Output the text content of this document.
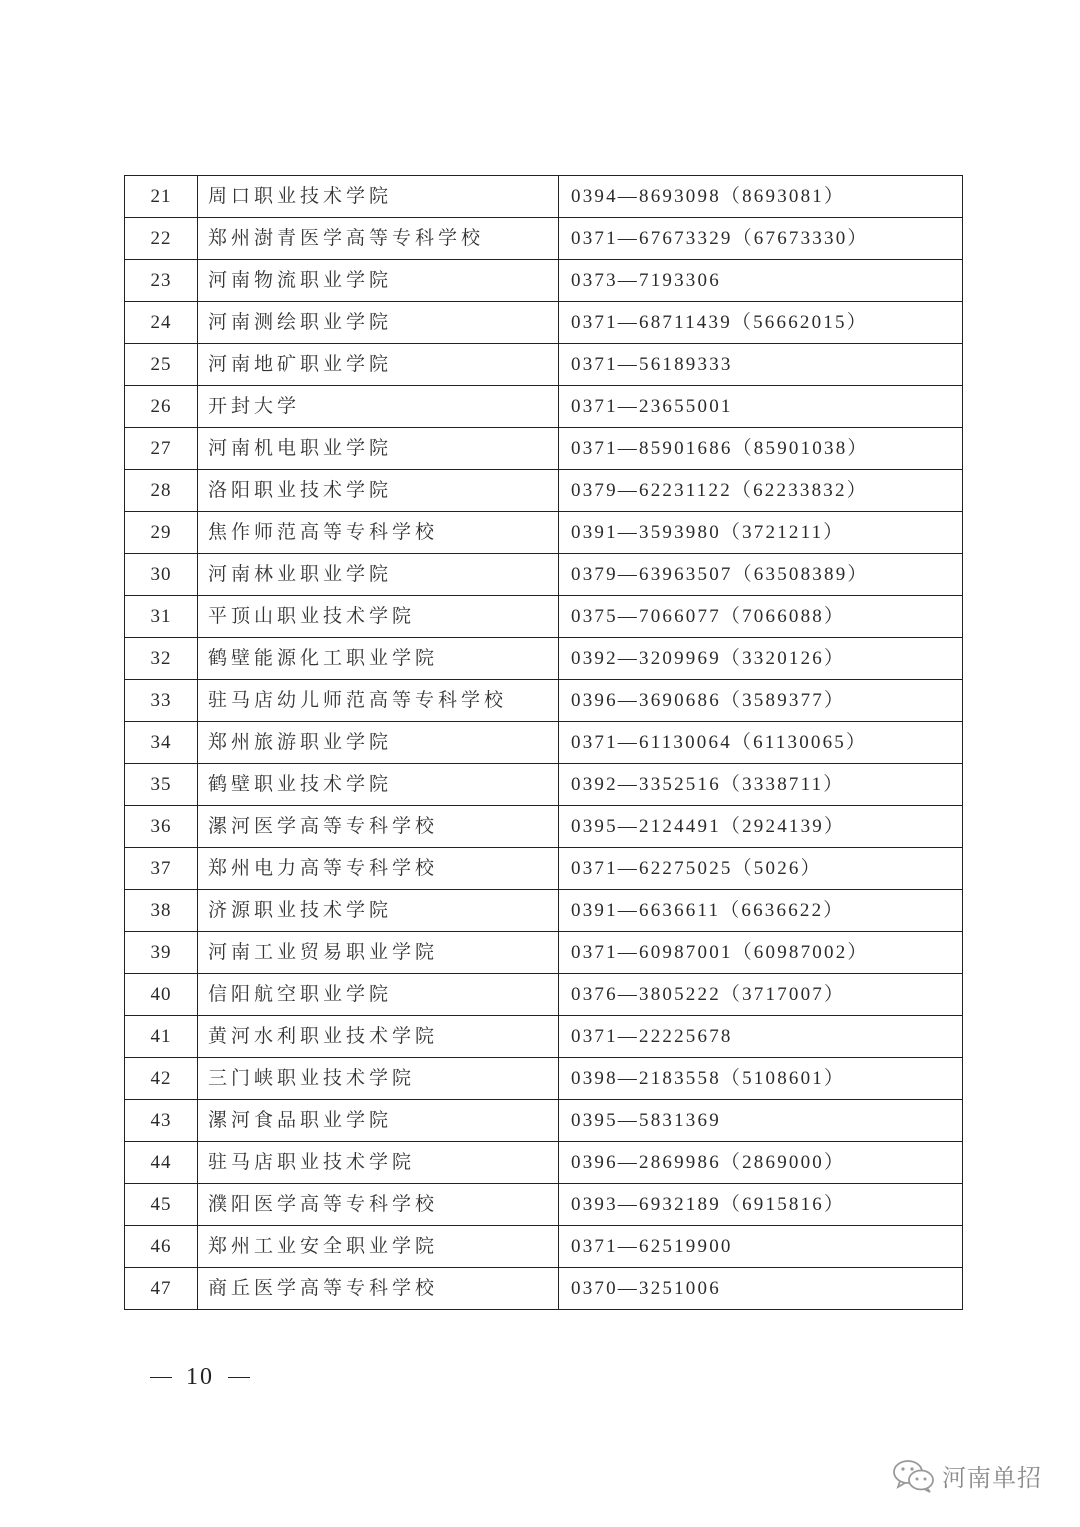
21	周口职业技术学院	0394—8693098（8693081）
22	郑州澍青医学高等专科学校	0371—67673329（67673330）
23	河南物流职业学院	0373—7193306
24	河南测绘职业学院	0371—68711439（56662015）
25	河南地矿职业学院	0371—56189333
26	开封大学	0371—23655001
27	河南机电职业学院	0371—85901686（85901038）
28	洛阳职业技术学院	0379—62231122（62233832）
29	焦作师范高等专科学校	0391—3593980（3721211）
30	河南林业职业学院	0379—63963507（63508389）
31	平顶山职业技术学院	0375—7066077（7066088）
32	鹤壁能源化工职业学院	0392—3209969（3320126）
33	驻马店幼儿师范高等专科学校	0396—3690686（3589377）
34	郑州旅游职业学院	0371—61130064（61130065）
35	鹤壁职业技术学院	0392—3352516（3338711）
36	漯河医学高等专科学校	0395—2124491（2924139）
37	郑州电力高等专科学校	0371—62275025（5026）
38	济源职业技术学院	0391—6636611（6636622）
39	河南工业贸易职业学院	0371—60987001（60987002）
40	信阳航空职业学院	0376—3805222（3717007）
41	黄河水利职业技术学院	0371—22225678
42	三门峡职业技术学院	0398—2183558（5108601）
43	漯河食品职业学院	0395—5831369
44	驻马店职业技术学院	0396—2869986（2869000）
45	濮阳医学高等专科学校	0393—6932189（6915816）
46	郑州工业安全职业学院	0371—62519900
47	商丘医学高等专科学校	0370—3251006
10
河南单招
